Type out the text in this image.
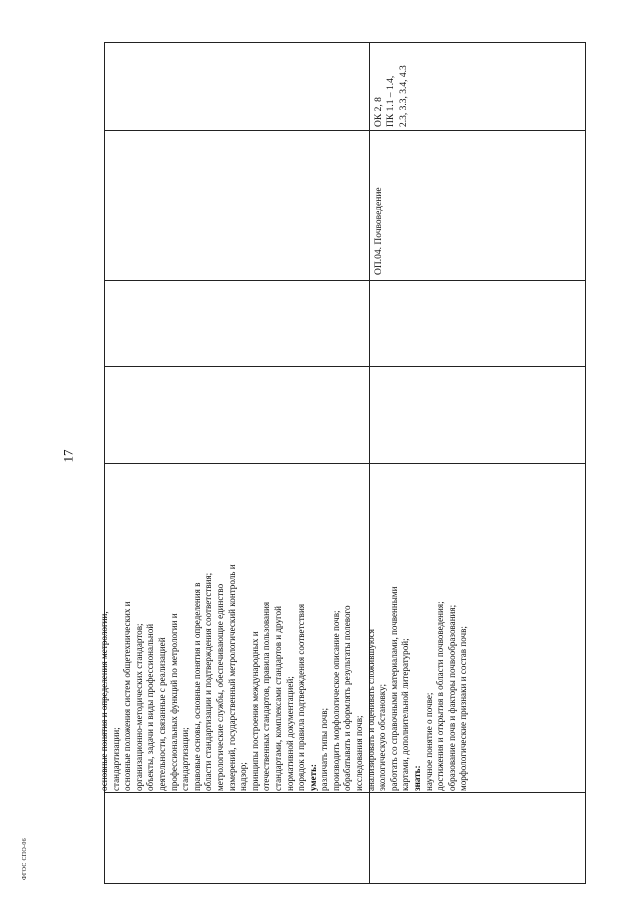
ОК 2, 8 ПК 1.1 – 1.4, 2.3, 3.3, 3.4, 4.3
ОП.04. Почвоведение
основные понятия и определения метрологии, стандартизации; основные положения систем общетехнических и организационно-методических стандартов; объекты, задачи и виды профессиональной деятельности, связанные с реализацией профессиональных функций по метрологии и стандартизации; правовые основы, основные понятия и определения в области стандартизации и подтверждения соответствия; метрологические службы, обеспечивающие единство измерений, государственный метрологический контроль и надзор; принципы построения международных и отечественных стандартов, правила пользования стандартами, комплексами стандартов и другой нормативной документацией; порядок и правила подтверждения соответствия уметь: различать типы почв; производить морфологическое описание почв; обрабатывать и оформлять результаты полевого исследования почв; анализировать и оценивать сложившуюся экологическую обстановку; работать со справочными материалами, почвенными картами, дополнительной литературой; знать: научное понятие о почве; достижения и открытия в области почвоведения; образование почв и факторы почвообразования; морфологические признаки и состав почв;
17
ФГОС СПО-06
